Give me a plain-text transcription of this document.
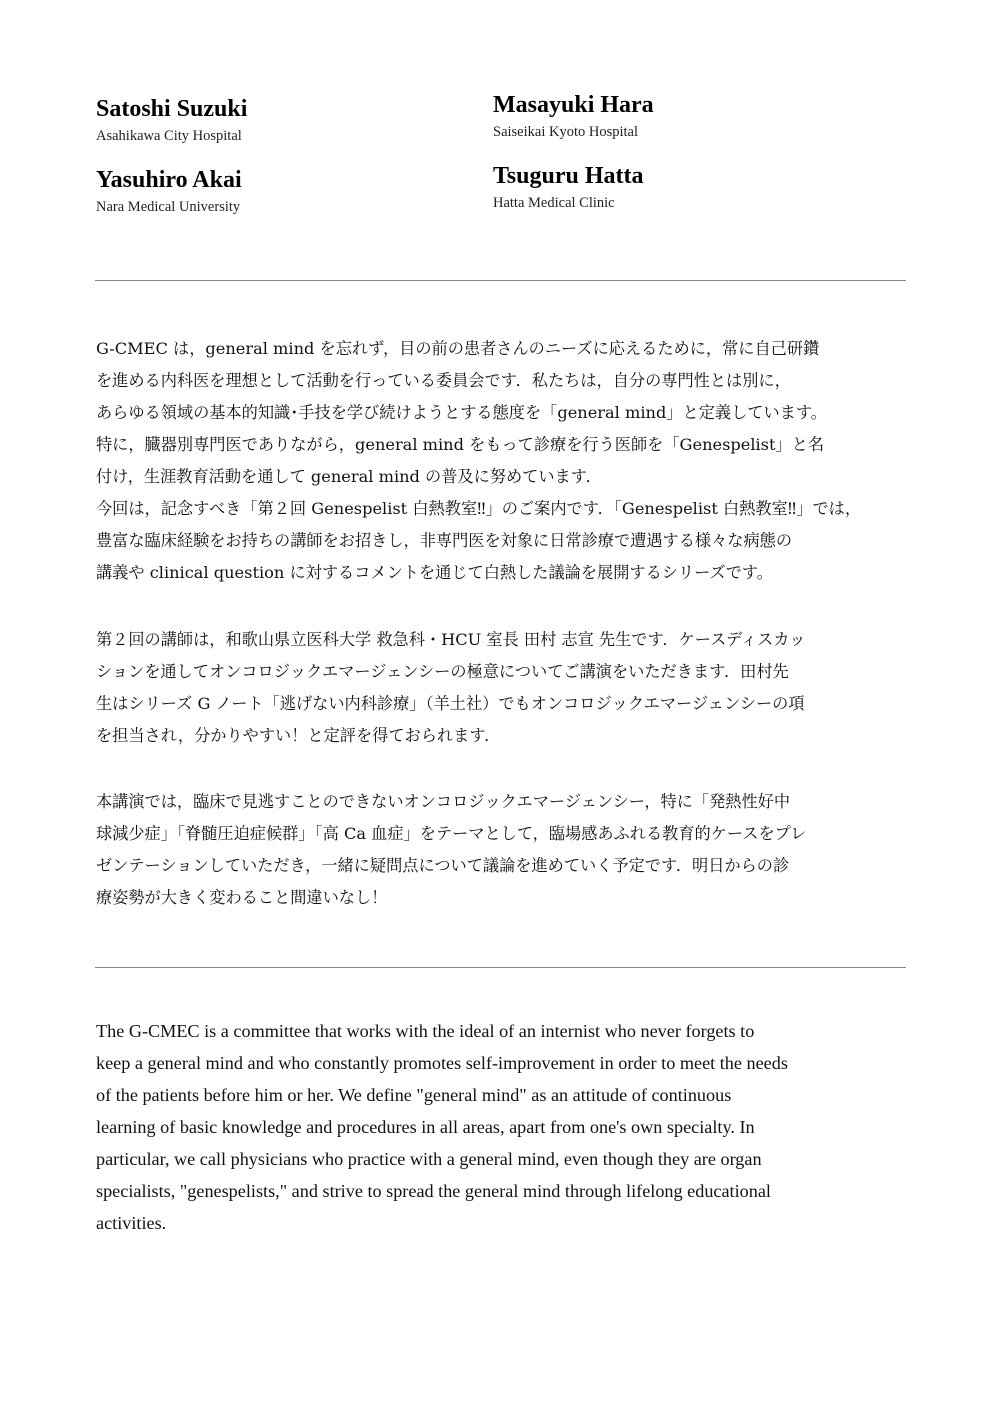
Satoshi Suzuki
Asahikawa City Hospital
Yasuhiro Akai
Nara Medical University
Masayuki Hara
Saiseikai Kyoto Hospital
Tsuguru Hatta
Hatta Medical Clinic
G-CMEC は，general mind を忘れず，目の前の患者さんのニーズに応えるために，常に自己研鑽
を進める内科医を理想として活動を行っている委員会です．私たちは，自分の専門性とは別に，
あらゆる領域の基本的知識･手技を学び続けようとする態度を「general mind」と定義しています。
特に，臓器別専門医でありながら，general mind をもって診療を行う医師を「Genespelist」と名
付け，生涯教育活動を通して general mind の普及に努めています．
今回は，記念すべき「第２回 Genespelist 白熱教室‼」のご案内です．「Genespelist 白熱教室‼」では，
豊富な臨床経験をお持ちの講師をお招きし，非専門医を対象に日常診療で遭遇する様々な病態の
講義や clinical question に対するコメントを通じて白熱した議論を展開するシリーズです。
第２回の講師は，和歌山県立医科大学 救急科・HCU 室長 田村 志宣 先生です．ケースディスカッ
ションを通してオンコロジックエマージェンシーの極意についてご講演をいただきます．田村先
生はシリーズ G ノート「逃げない内科診療」（羊土社）でもオンコロジックエマージェンシーの項
を担当され，分かりやすい！と定評を得ておられます．
本講演では，臨床で見逃すことのできないオンコロジックエマージェンシー，特に「発熱性好中
球減少症」「脊髄圧迫症候群」「高 Ca 血症」をテーマとして，臨場感あふれる教育的ケースをプレ
ゼンテーションしていただき，一緒に疑問点について議論を進めていく予定です．明日からの診
療姿勢が大きく変わること間違いなし！
The G-CMEC is a committee that works with the ideal of an internist who never forgets to
keep a general mind and who constantly promotes self-improvement in order to meet the needs
of the patients before him or her. We define "general mind" as an attitude of continuous
learning of basic knowledge and procedures in all areas, apart from one's own specialty. In
particular, we call physicians who practice with a general mind, even though they are organ
specialists, "genespelists," and strive to spread the general mind through lifelong educational
activities.
